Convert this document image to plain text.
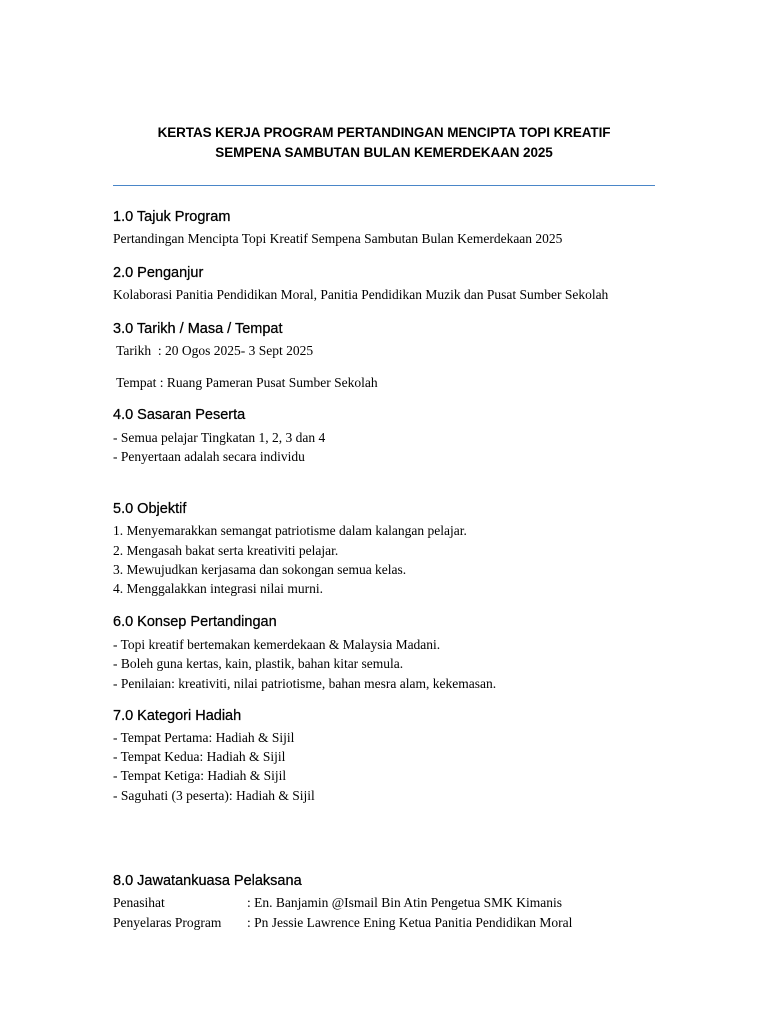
KERTAS KERJA PROGRAM PERTANDINGAN MENCIPTA TOPI KREATIF
SEMPENA SAMBUTAN BULAN KEMERDEKAAN 2025
1.0 Tajuk Program
Pertandingan Mencipta Topi Kreatif Sempena Sambutan Bulan Kemerdekaan 2025
2.0 Penganjur
Kolaborasi Panitia Pendidikan Moral, Panitia Pendidikan Muzik dan Pusat Sumber Sekolah
3.0 Tarikh / Masa / Tempat
Tarikh  : 20 Ogos 2025- 3 Sept 2025
Tempat : Ruang Pameran Pusat Sumber Sekolah
4.0 Sasaran Peserta
- Semua pelajar Tingkatan 1, 2, 3 dan 4
- Penyertaan adalah secara individu
5.0 Objektif
1. Menyemarakkan semangat patriotisme dalam kalangan pelajar.
2. Mengasah bakat serta kreativiti pelajar.
3. Mewujudkan kerjasama dan sokongan semua kelas.
4. Menggalakkan integrasi nilai murni.
6.0 Konsep Pertandingan
- Topi kreatif bertemakan kemerdekaan & Malaysia Madani.
- Boleh guna kertas, kain, plastik, bahan kitar semula.
- Penilaian: kreativiti, nilai patriotisme, bahan mesra alam, kekemasan.
7.0 Kategori Hadiah
- Tempat Pertama: Hadiah & Sijil
- Tempat Kedua: Hadiah & Sijil
- Tempat Ketiga: Hadiah & Sijil
- Saguhati (3 peserta): Hadiah & Sijil
8.0 Jawatankuasa Pelaksana
Penasihat	: En. Banjamin @Ismail Bin Atin Pengetua SMK Kimanis
Penyelaras Program : Pn Jessie Lawrence Ening Ketua Panitia Pendidikan Moral
